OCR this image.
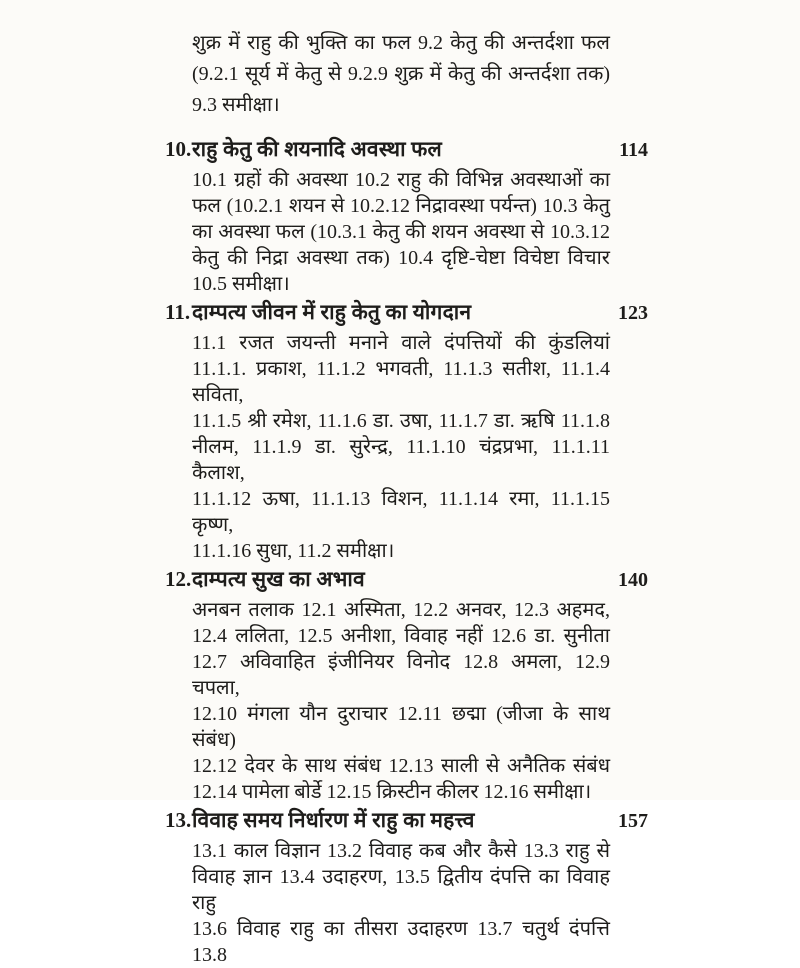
शुक्र में राहु की भुक्ति का फल 9.2 केतु की अन्तर्दशा फल
(9.2.1 सूर्य में केतु से 9.2.9 शुक्र में केतु की अन्तर्दशा तक)
9.3 समीक्षा।
10. राहु केतु की शयनादि अवस्था फल	114
10.1 ग्रहों की अवस्था 10.2 राहु की विभिन्न अवस्थाओं का
फल (10.2.1 शयन से 10.2.12 निद्रावस्था पर्यन्त) 10.3 केतु
का अवस्था फल (10.3.1 केतु की शयन अवस्था से 10.3.12
केतु की निद्रा अवस्था तक) 10.4 दृष्टि-चेष्टा विचेष्टा विचार
10.5 समीक्षा।
11. दाम्पत्य जीवन में राहु केतु का योगदान	123
11.1 रजत जयन्ती मनाने वाले दंपत्तियों की कुंडलियां
11.1.1. प्रकाश, 11.1.2 भगवती, 11.1.3 सतीश, 11.1.4 सविता,
11.1.5 श्री रमेश, 11.1.6 डा. उषा, 11.1.7 डा. ऋषि 11.1.8
नीलम, 11.1.9 डा. सुरेन्द्र, 11.1.10 चंद्रप्रभा, 11.1.11 कैलाश,
11.1.12 ऊषा, 11.1.13 विशन, 11.1.14 रमा, 11.1.15 कृष्ण,
11.1.16 सुधा, 11.2 समीक्षा।
12. दाम्पत्य सुख का अभाव	140
अनबन तलाक 12.1 अस्मिता, 12.2 अनवर, 12.3 अहमद,
12.4 ललिता, 12.5 अनीशा, विवाह नहीं 12.6 डा. सुनीता
12.7 अविवाहित इंजीनियर विनोद 12.8 अमला, 12.9 चपला,
12.10 मंगला यौन दुराचार 12.11 छद्मा (जीजा के साथ संबंध)
12.12 देवर के साथ संबंध 12.13 साली से अनैतिक संबंध
12.14 पामेला बोर्डे 12.15 क्रिस्टीन कीलर 12.16 समीक्षा।
13. विवाह समय निर्धारण में राहु का महत्त्व	157
13.1 काल विज्ञान 13.2 विवाह कब और कैसे 13.3 राहु से
विवाह ज्ञान 13.4 उदाहरण, 13.5 द्वितीय दंपत्ति का विवाह राहु
13.6 विवाह राहु का तीसरा उदाहरण 13.7 चतुर्थ दंपत्ति 13.8
